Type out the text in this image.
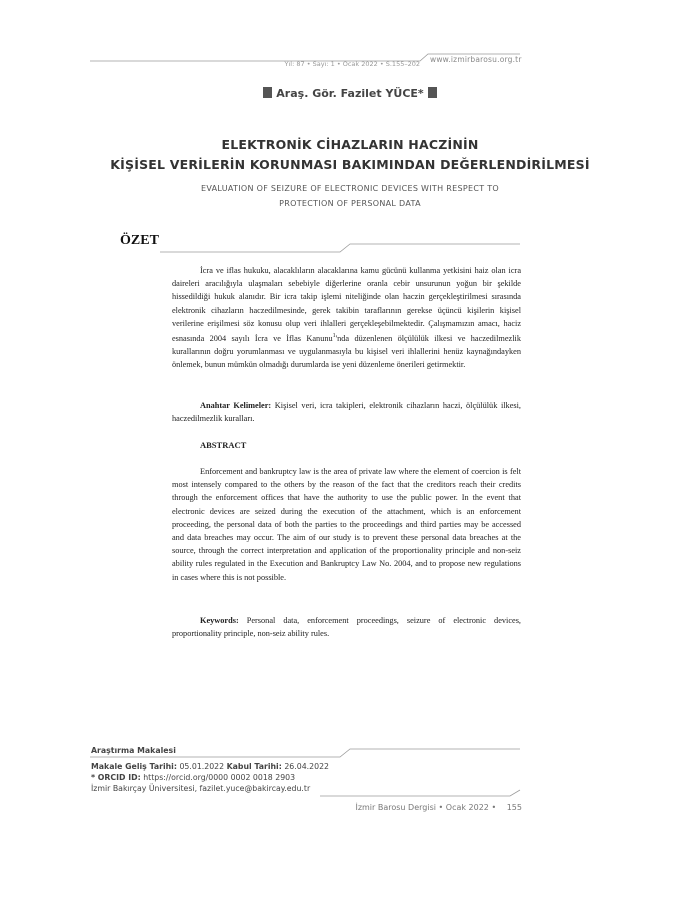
www.izmirbarosu.org.tr
Yıl: 87 • Sayı: 1 • Ocak 2022 • S.155–202
Araş. Gör. Fazilet YÜCE*
ELEKTRONİK CİHAZLARIN HACZİNİN
KİŞİSEL VERİLERİN KORUNMASI BAKIMINDAN DEĞERLENDİRİLMESİ
EVALUATION OF SEIZURE OF ELECTRONIC DEVICES WITH RESPECT TO
PROTECTION OF PERSONAL DATA
ÖZET
İcra ve iflas hukuku, alacaklıların alacaklarına kamu gücünü kullanma yetkisini haiz olan icra daireleri aracılığıyla ulaşmaları sebebiyle diğerlerine oranla cebir unsurunun yoğun bir şekilde hissedildiği hukuk alanıdır. Bir icra takip işlemi niteliğinde olan haczin gerçekleştirilmesi sırasında elektronik cihazların haczedilmesinde, gerek takibin taraflarının gerekse üçüncü kişilerin kişisel verilerine erişilmesi söz konusu olup veri ihlalleri gerçekleşebilmektedir. Çalışmamızın amacı, haciz esnasında 2004 sayılı İcra ve İflas Kanunu$^1$'nda düzenlenen ölçülülük ilkesi ve haczedilmezlik kurallarının doğru yorumlanması ve uygulanmasıyla bu kişisel veri ihlallerini henüz kaynağındayken önlemek, bunun mümkün olmadığı durumlarda ise yeni düzenleme önerileri getirmektir.
Anahtar Kelimeler: Kişisel veri, icra takipleri, elektronik cihazların haczi, ölçülülük ilkesi, haczedilmezlik kuralları.
ABSTRACT
Enforcement and bankruptcy law is the area of private law where the element of coercion is felt most intensely compared to the others by the reason of the fact that the creditors reach their credits through the enforcement offices that have the authority to use the public power. In the event that electronic devices are seized during the execution of the attachment, which is an enforcement proceeding, the personal data of both the parties to the proceedings and third parties may be accessed and data breaches may occur. The aim of our study is to prevent these personal data breaches at the source, through the correct interpretation and application of the proportionality principle and non-seiz ability rules regulated in the Execution and Bankruptcy Law No. 2004, and to propose new regulations in cases where this is not possible.
Keywords: Personal data, enforcement proceedings, seizure of electronic devices, proportionality principle, non-seiz ability rules.
Araştırma Makalesi
Makale Geliş Tarihi: 05.01.2022 Kabul Tarihi: 26.04.2022
* ORCID ID: https://orcid.org/0000 0002 0018 2903
İzmir Bakırçay Üniversitesi, fazilet.yuce@bakircay.edu.tr
İzmir Barosu Dergisi • Ocak 2022 • 155
